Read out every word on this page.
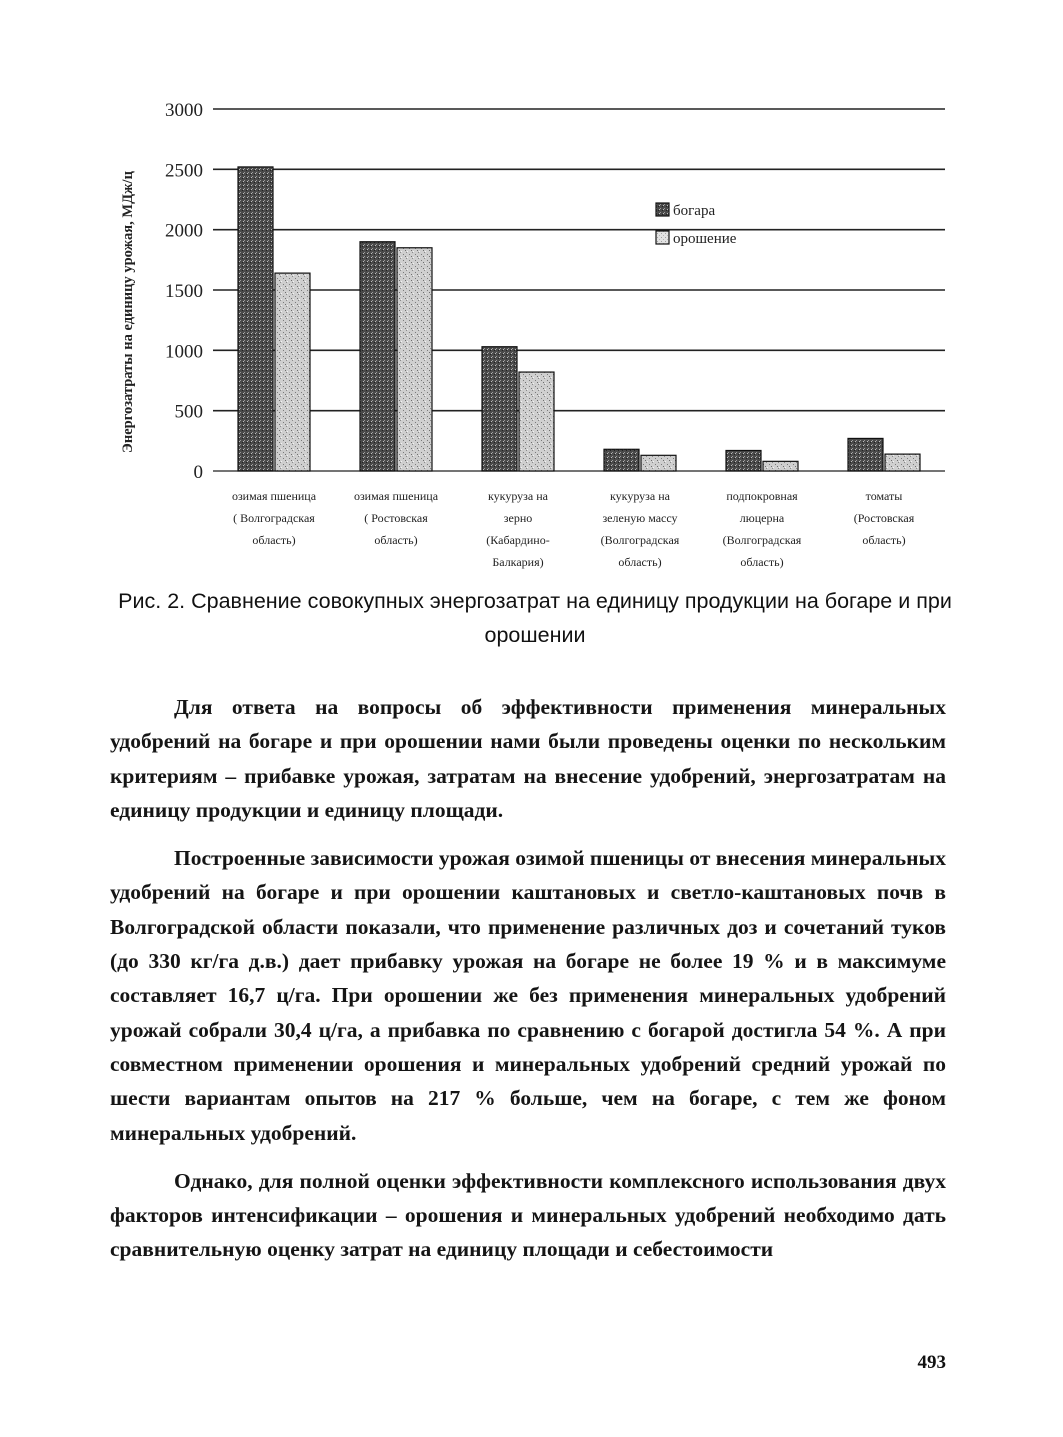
0
500
1000
1500
2000
2500
3000
озимая пшеница
( Волгоградская
область)
озимая пшеница
( Ростовская
область)
кукуруза на
зерно
(Кабардино-
Балкария)
кукуруза на
зеленую массу
(Волгоградская
область)
подпокровная
люцерна
(Волгоградская
область)
томаты
(Ростовская
область)
Энергозатраты на единицу урожая, МДж/ц	богара
орошение
Рис. 2. Сравнение совокупных энергозатрат на единицу продукции на богаре и при орошении

Для ответа на вопросы об эффективности применения минеральных удобрений на богаре и при орошении нами были проведены оценки по нескольким критериям – прибавке урожая, затратам на внесение удобрений, энергозатратам на единицу продукции и единицу площади.

Построенные зависимости урожая озимой пшеницы от внесения минеральных удобрений на богаре и при орошении каштановых и светло-каштановых почв в Волгоградской области показали, что применение различных доз и сочетаний туков (до 330 кг/га д.в.) дает прибавку урожая на богаре не более 19 % и в максимуме составляет 16,7 ц/га. При орошении же без применения минеральных удобрений урожай собрали 30,4 ц/га, а прибавка по сравнению с богарой достигла 54 %. А при совместном применении орошения и минеральных удобрений средний урожай по шести вариантам опытов на 217 % больше, чем на богаре, с тем же фоном минеральных удобрений.

Однако, для полной оценки эффективности комплексного использования двух факторов интенсификации – орошения и минеральных удобрений необходимо дать сравнительную оценку затрат на единицу площади и себестоимости

493
